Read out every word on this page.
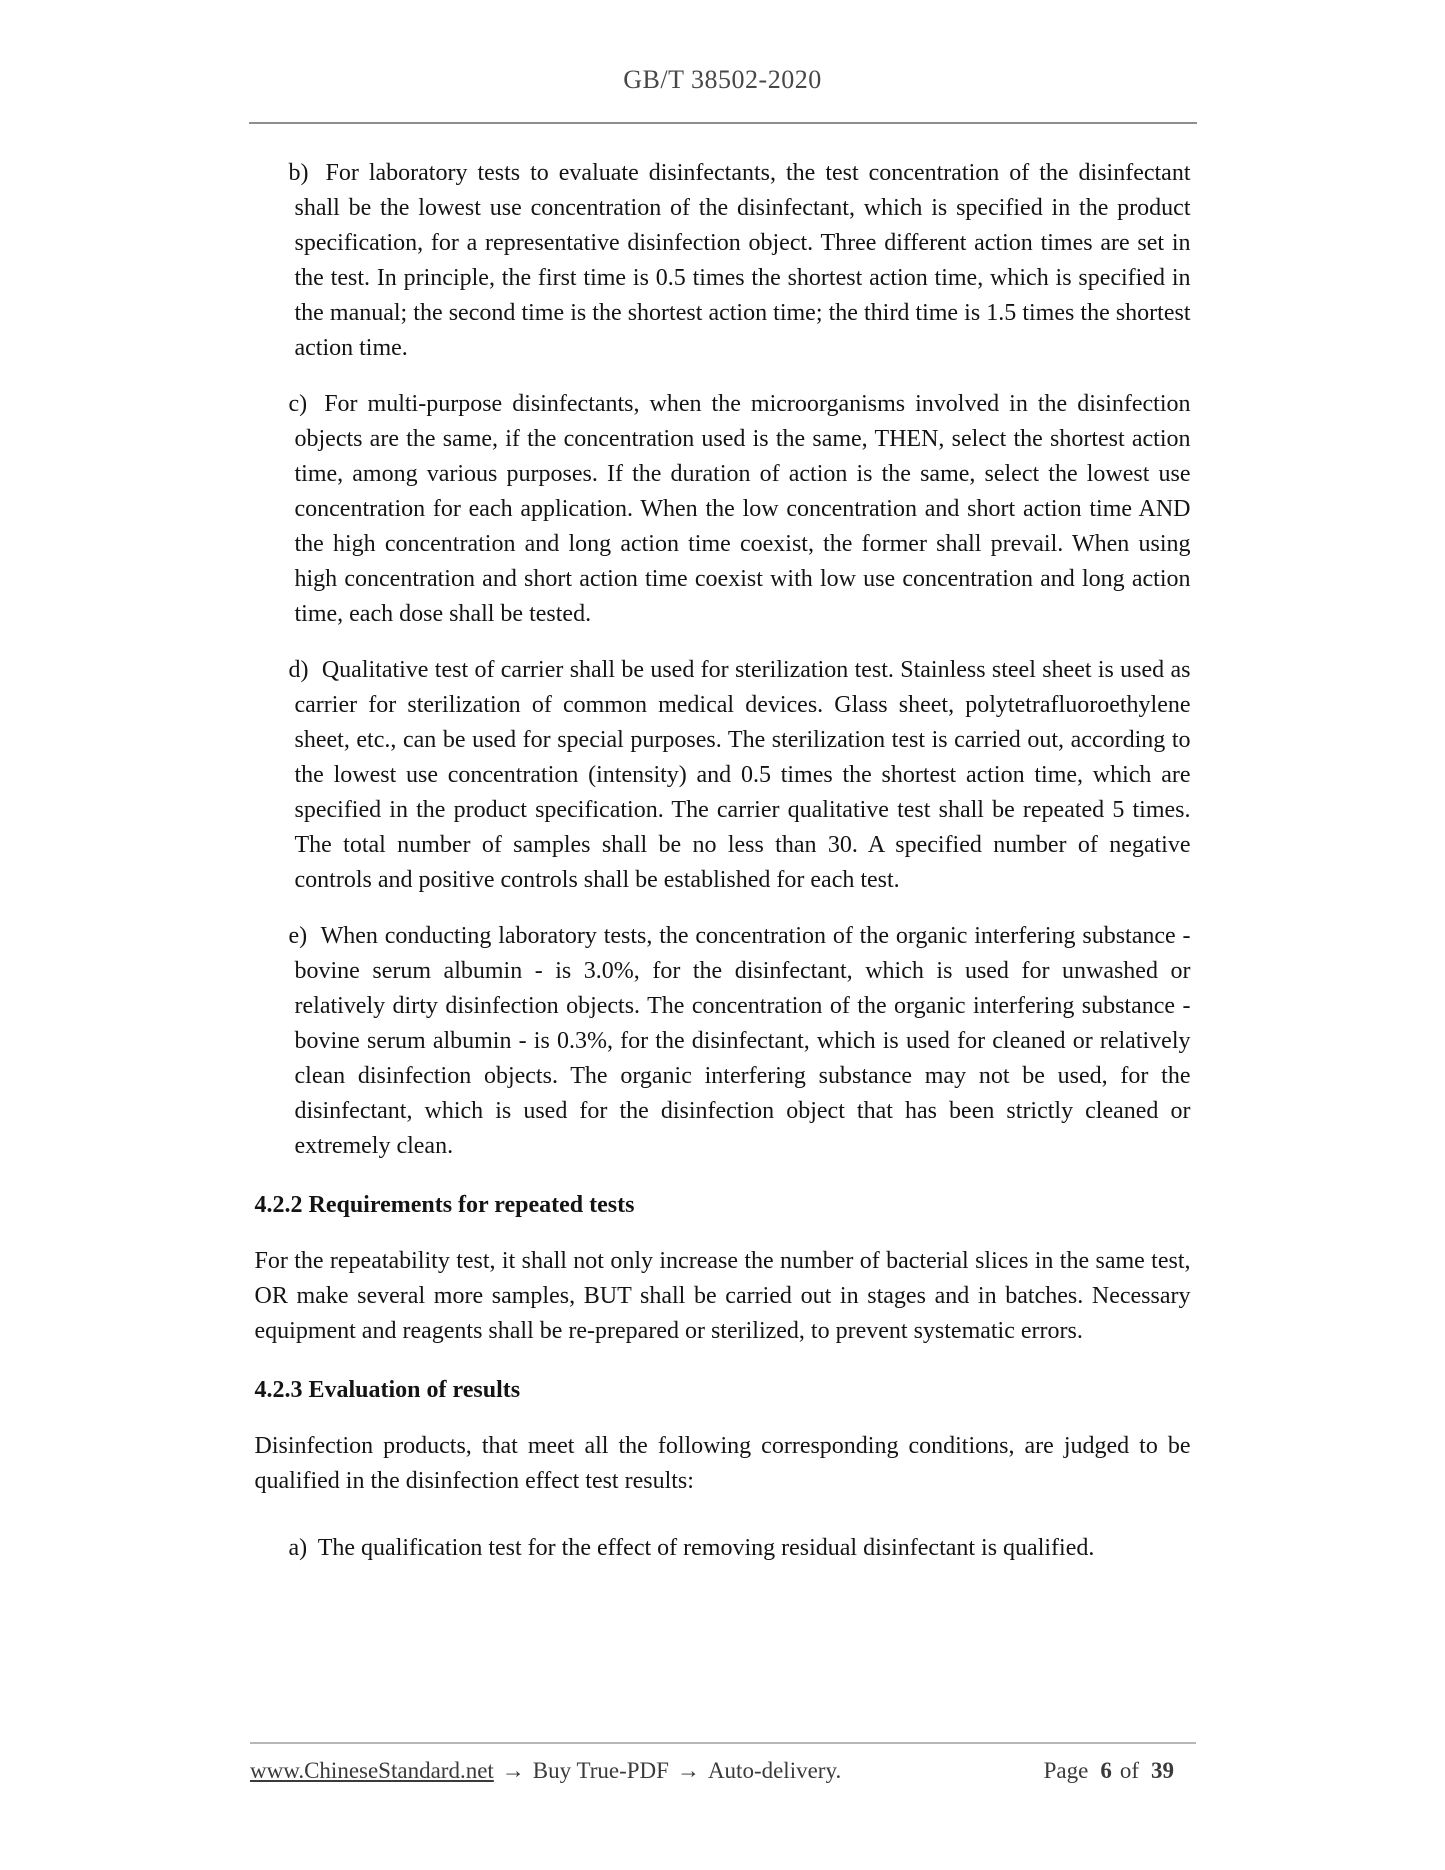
GB/T 38502-2020
b) For laboratory tests to evaluate disinfectants, the test concentration of the disinfectant shall be the lowest use concentration of the disinfectant, which is specified in the product specification, for a representative disinfection object. Three different action times are set in the test. In principle, the first time is 0.5 times the shortest action time, which is specified in the manual; the second time is the shortest action time; the third time is 1.5 times the shortest action time.
c) For multi-purpose disinfectants, when the microorganisms involved in the disinfection objects are the same, if the concentration used is the same, THEN, select the shortest action time, among various purposes. If the duration of action is the same, select the lowest use concentration for each application. When the low concentration and short action time AND the high concentration and long action time coexist, the former shall prevail. When using high concentration and short action time coexist with low use concentration and long action time, each dose shall be tested.
d) Qualitative test of carrier shall be used for sterilization test. Stainless steel sheet is used as carrier for sterilization of common medical devices. Glass sheet, polytetrafluoroethylene sheet, etc., can be used for special purposes. The sterilization test is carried out, according to the lowest use concentration (intensity) and 0.5 times the shortest action time, which are specified in the product specification. The carrier qualitative test shall be repeated 5 times. The total number of samples shall be no less than 30. A specified number of negative controls and positive controls shall be established for each test.
e) When conducting laboratory tests, the concentration of the organic interfering substance - bovine serum albumin - is 3.0%, for the disinfectant, which is used for unwashed or relatively dirty disinfection objects. The concentration of the organic interfering substance - bovine serum albumin - is 0.3%, for the disinfectant, which is used for cleaned or relatively clean disinfection objects. The organic interfering substance may not be used, for the disinfectant, which is used for the disinfection object that has been strictly cleaned or extremely clean.
4.2.2 Requirements for repeated tests
For the repeatability test, it shall not only increase the number of bacterial slices in the same test, OR make several more samples, BUT shall be carried out in stages and in batches. Necessary equipment and reagents shall be re-prepared or sterilized, to prevent systematic errors.
4.2.3 Evaluation of results
Disinfection products, that meet all the following corresponding conditions, are judged to be qualified in the disinfection effect test results:
a) The qualification test for the effect of removing residual disinfectant is qualified.
www.ChineseStandard.net → Buy True-PDF → Auto-delivery.	Page 6 of 39
